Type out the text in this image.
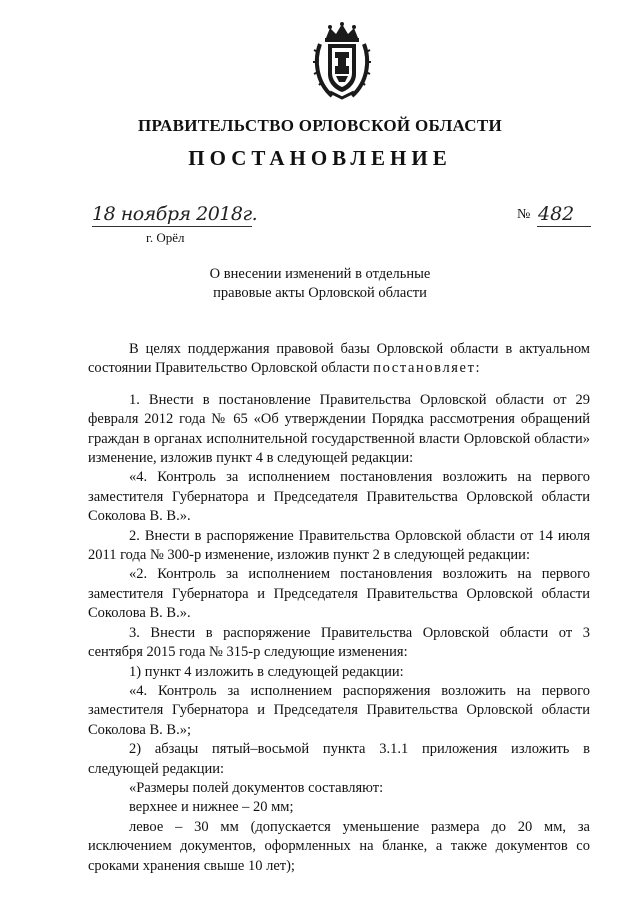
ПРАВИТЕЛЬСТВО ОРЛОВСКОЙ ОБЛАСТИ
ПОСТАНОВЛЕНИЕ
18 ноября 2018г.
г. Орёл
№ 482
О внесении изменений в отдельные
правовые акты Орловской области

В целях поддержания правовой базы Орловской области в актуальном состоянии Правительство Орловской области постановляет:

1. Внести в постановление Правительства Орловской области от 29 февраля 2012 года № 65 «Об утверждении Порядка рассмотрения обращений граждан в органах исполнительной государственной власти Орловской области» изменение, изложив пункт 4 в следующей редакции:

«4. Контроль за исполнением постановления возложить на первого заместителя Губернатора и Председателя Правительства Орловской области Соколова В. В.».

2. Внести в распоряжение Правительства Орловской области от 14 июля 2011 года № 300-р изменение, изложив пункт 2 в следующей редакции:

«2. Контроль за исполнением постановления возложить на первого заместителя Губернатора и Председателя Правительства Орловской области Соколова В. В.».

3. Внести в распоряжение Правительства Орловской области от 3 сентября 2015 года № 315-р следующие изменения:

1) пункт 4 изложить в следующей редакции:

«4. Контроль за исполнением распоряжения возложить на первого заместителя Губернатора и Председателя Правительства Орловской области Соколова В. В.»;

2) абзацы пятый–восьмой пункта 3.1.1 приложения изложить в следующей редакции:

«Размеры полей документов составляют:

верхнее и нижнее – 20 мм;

левое – 30 мм (допускается уменьшение размера до 20 мм, за исключением документов, оформленных на бланке, а также документов со сроками хранения свыше 10 лет);
